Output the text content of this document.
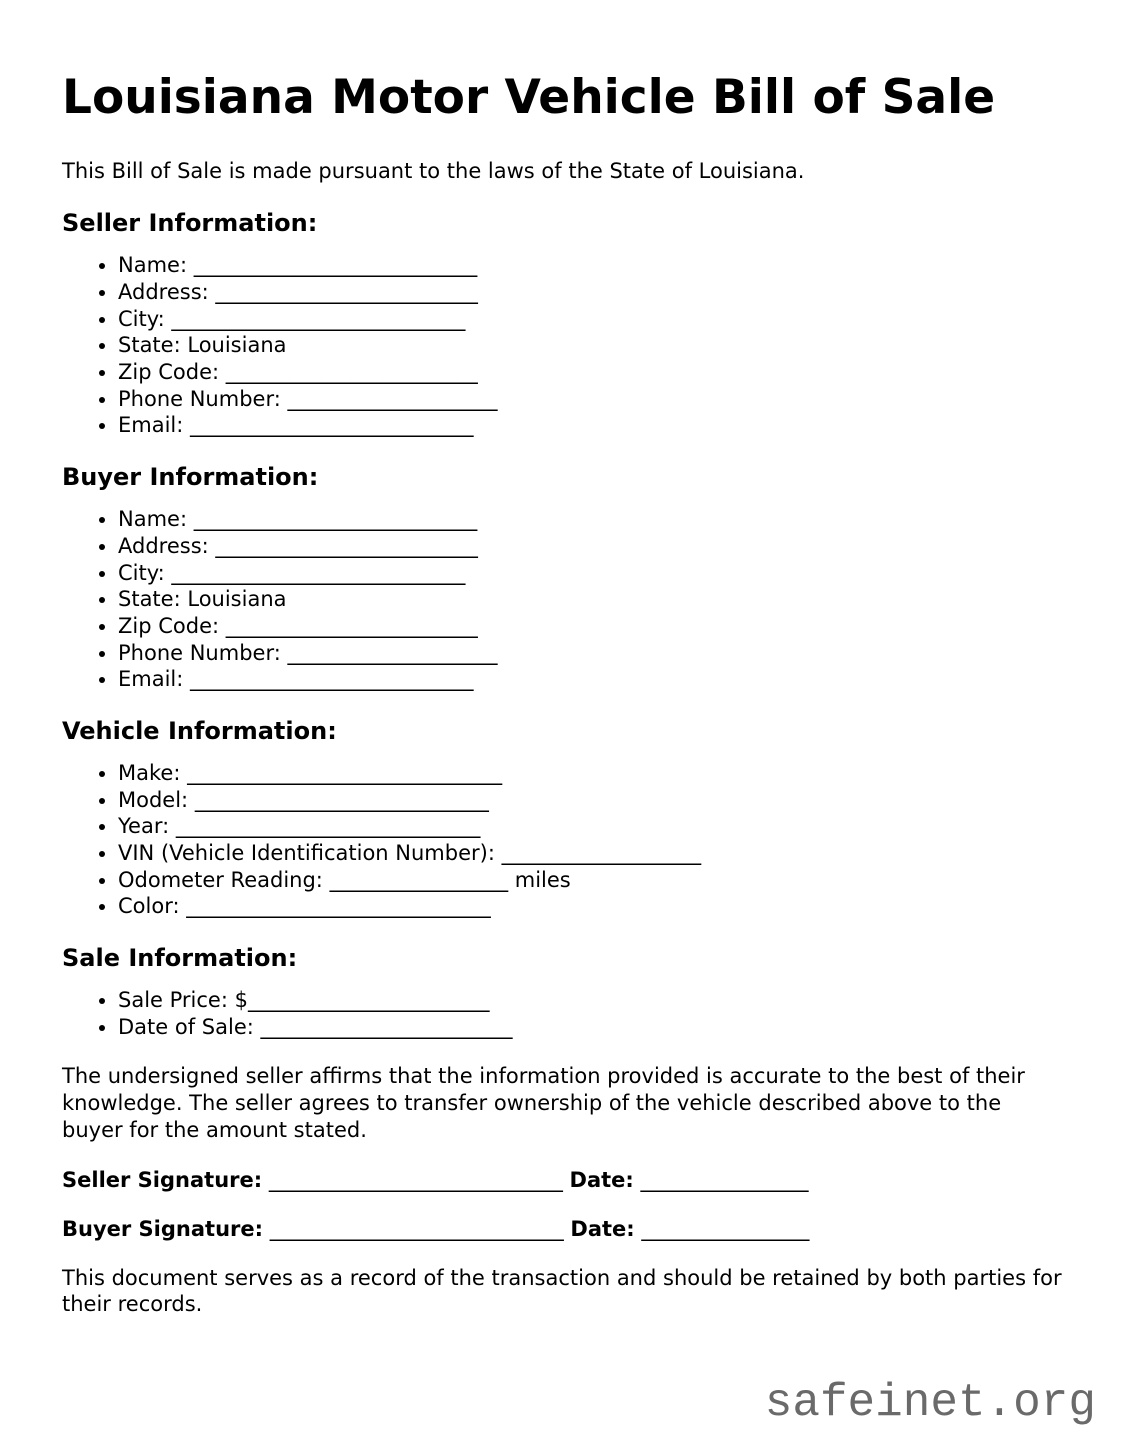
Louisiana Motor Vehicle Bill of Sale

This Bill of Sale is made pursuant to the laws of the State of Louisiana.

Seller Information:
• Name: ___________________________
• Address: _________________________
• City: ____________________________
• State: Louisiana
• Zip Code: ________________________
• Phone Number: ____________________
• Email: ___________________________
Buyer Information:
• Name: ___________________________
• Address: _________________________
• City: ____________________________
• State: Louisiana
• Zip Code: ________________________
• Phone Number: ____________________
• Email: ___________________________
Vehicle Information:
• Make: ______________________________
• Model: ____________________________
• Year: _____________________________
• VIN (Vehicle Identification Number): ___________________
• Odometer Reading: _________________ miles
• Color: _____________________________
Sale Information:
• Sale Price: $_______________________
• Date of Sale: ________________________

The undersigned seller affirms that the information provided is accurate to the best of their knowledge. The seller agrees to transfer ownership of the vehicle described above to the buyer for the amount stated.

Seller Signature: ____________________________ Date: ________________

Buyer Signature: ____________________________ Date: ________________

This document serves as a record of the transaction and should be retained by both parties for their records.

safeinet.org
